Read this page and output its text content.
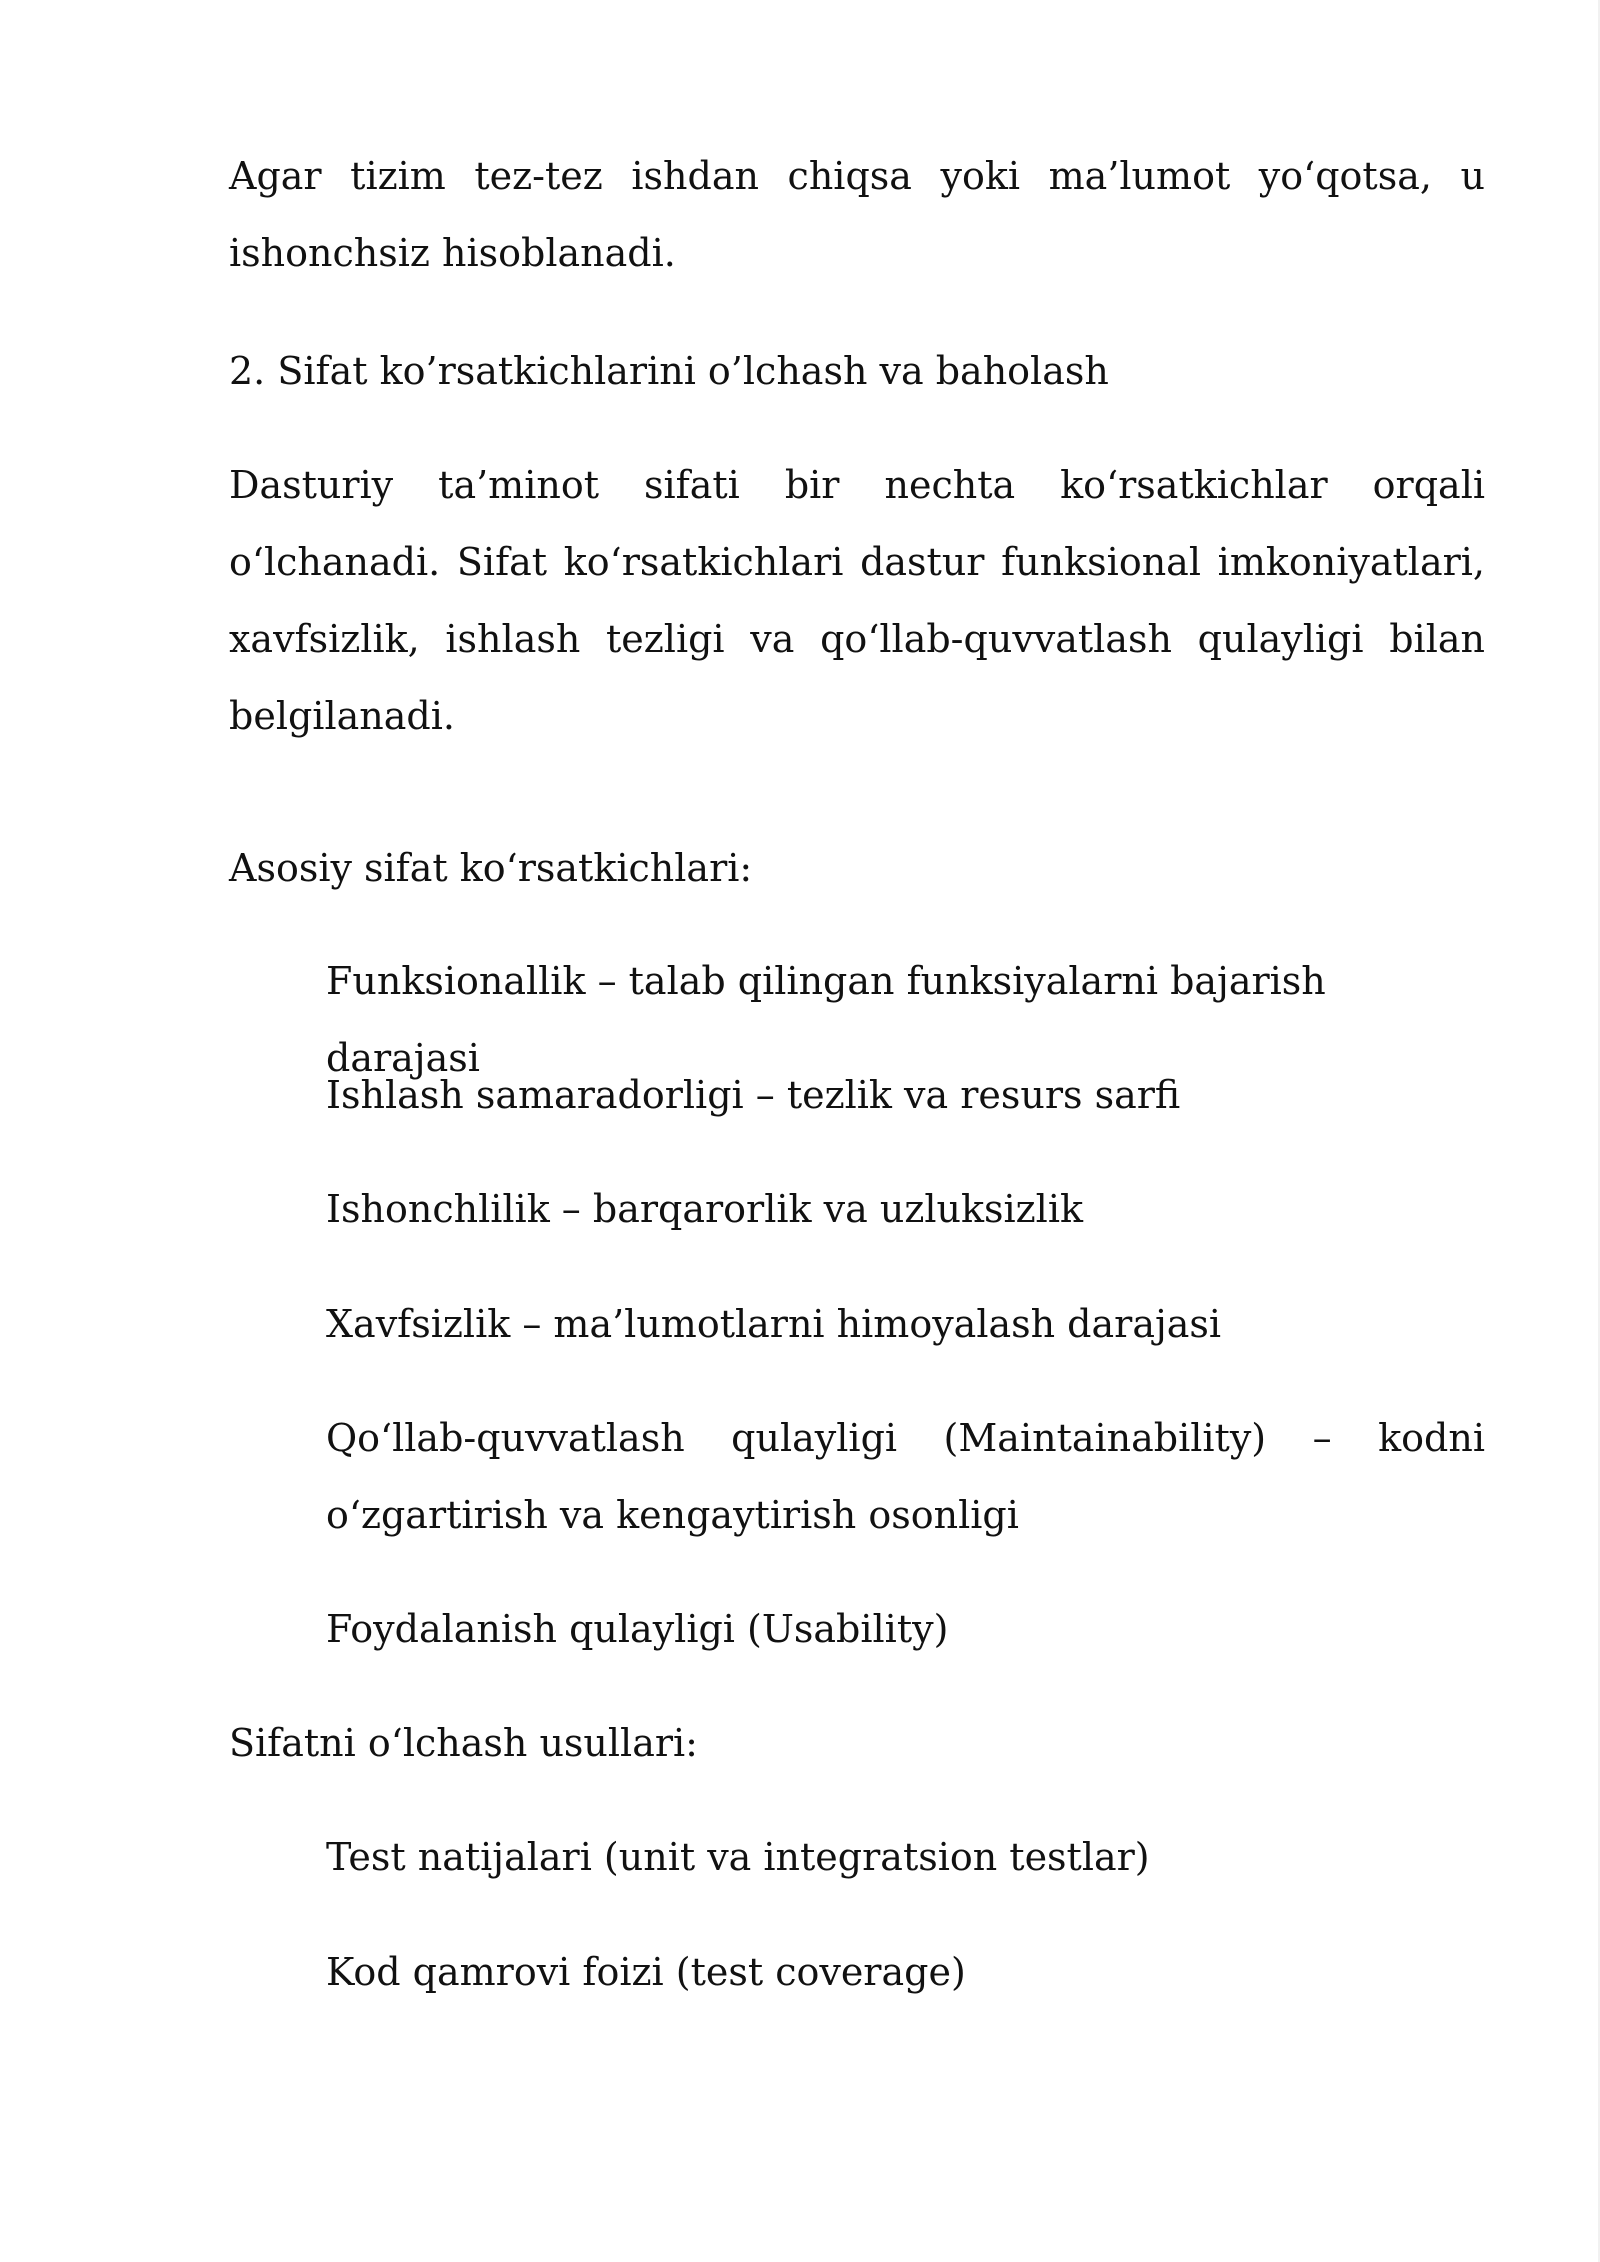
Agar tizim tez-tez ishdan chiqsa yoki ma’lumot yo‘qotsa, u ishonchsiz hisoblanadi.

2. Sifat ko’rsatkichlarini o’lchash va baholash

Dasturiy ta’minot sifati bir nechta ko‘rsatkichlar orqali o‘lchanadi. Sifat ko‘rsatkichlari dastur funksional imkoniyatlari, xavfsizlik, ishlash tezligi va qo‘llab-quvvatlash qulayligi bilan belgilanadi.

Asosiy sifat ko‘rsatkichlari:

Funksionallik – talab qilingan funksiyalarni bajarish darajasi

Ishlash samaradorligi – tezlik va resurs sarfi

Ishonchlilik – barqarorlik va uzluksizlik

Xavfsizlik – ma’lumotlarni himoyalash darajasi

Qo‘llab-quvvatlash qulayligi (Maintainability) – kodni o‘zgartirish va kengaytirish osonligi

Foydalanish qulayligi (Usability)

Sifatni o‘lchash usullari:

Test natijalari (unit va integratsion testlar)

Kod qamrovi foizi (test coverage)
